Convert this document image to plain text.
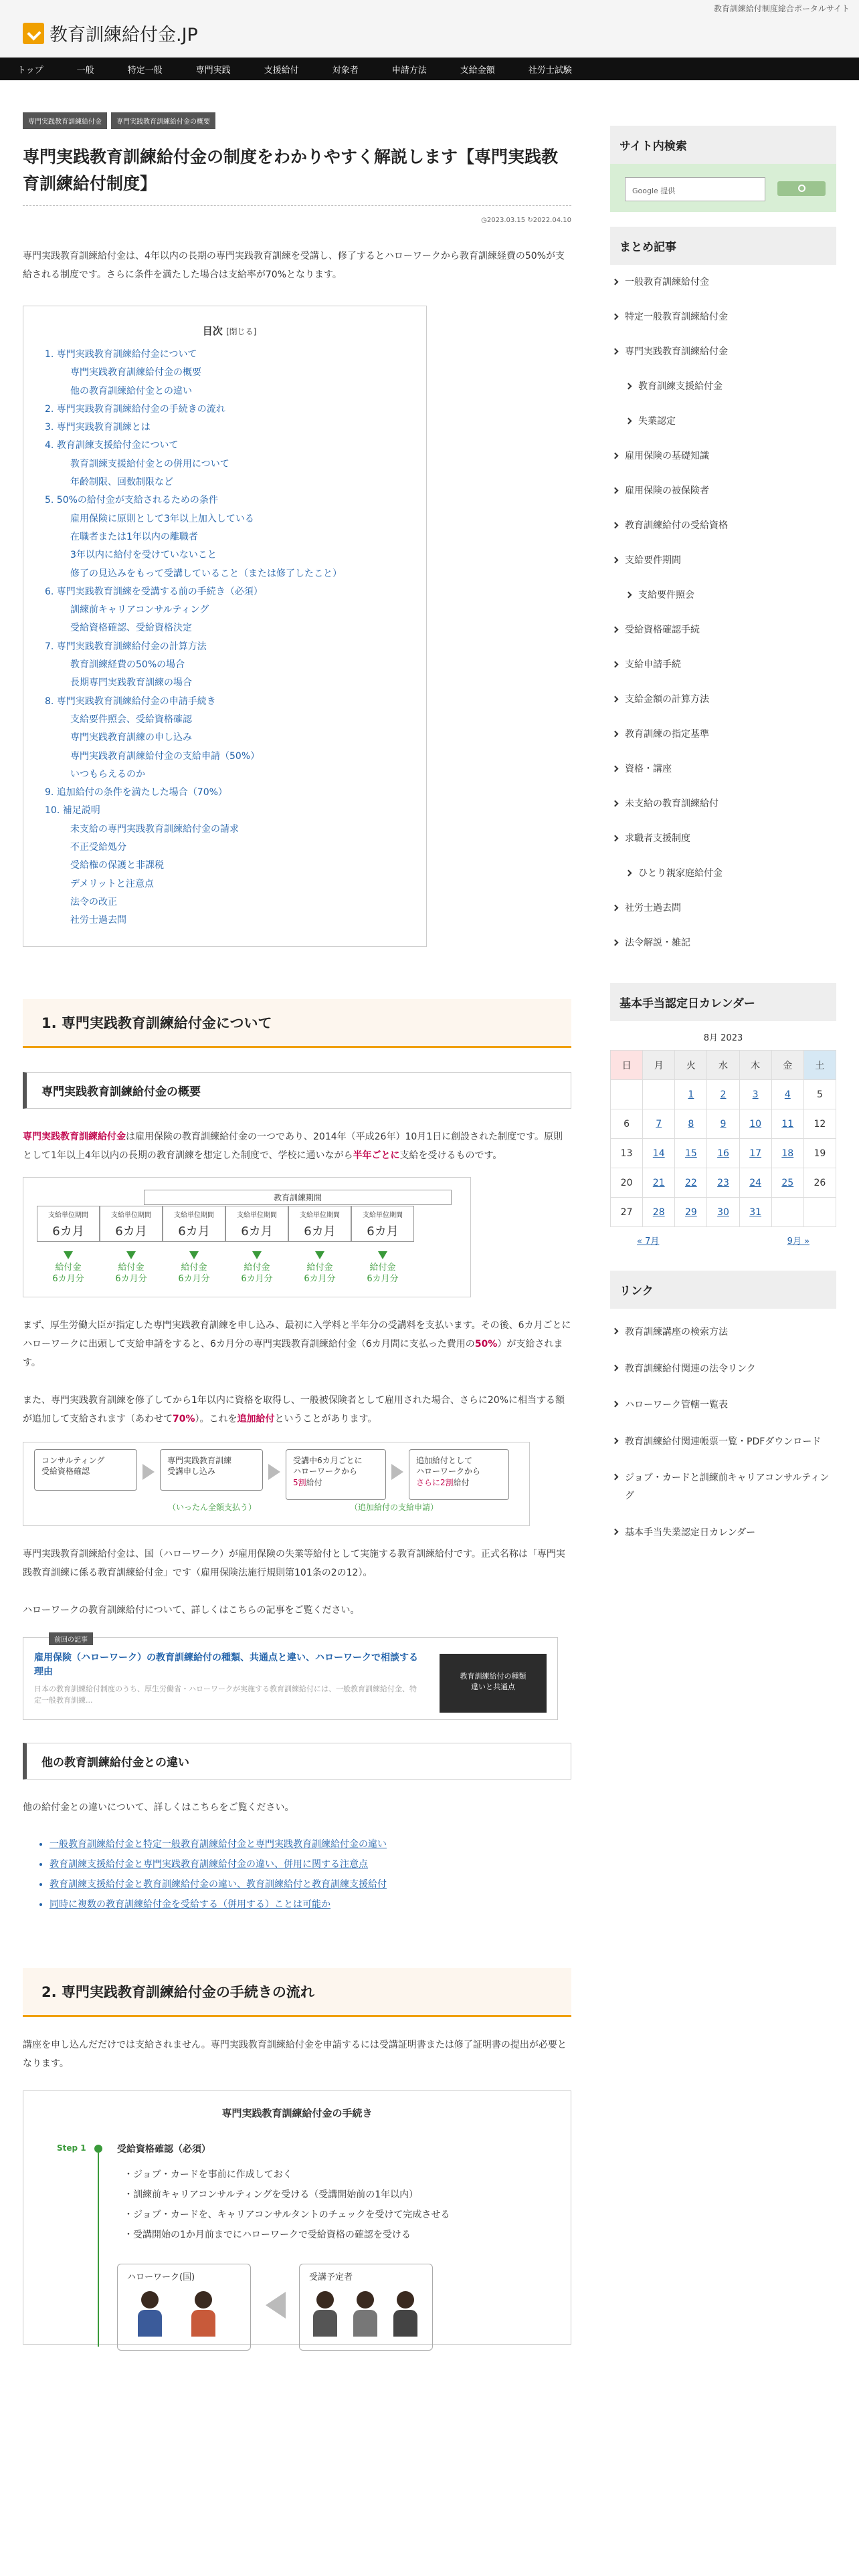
教育訓練給付制度総合ポータルサイト
教育訓練給付金.JP
トップ	一般	特定一般	専門実践	支援給付	対象者	申請方法	支給金額	社労士試験
専門実践教育訓練給付金	専門実践教育訓練給付金の概要
専門実践教育訓練給付金の制度をわかりやすく解説します【専門実践教育訓練給付制度】
◷2023.03.15 ↻2022.04.10

専門実践教育訓練給付金は、4年以内の長期の専門実践教育訓練を受講し、修了するとハローワークから教育訓練経費の50%が支給される制度です。さらに条件を満たした場合は支給率が70%となります。

目次 [閉じる]
1. 専門実践教育訓練給付金について
専門実践教育訓練給付金の概要
他の教育訓練給付金との違い
2. 専門実践教育訓練給付金の手続きの流れ
3. 専門実践教育訓練とは
4. 教育訓練支援給付金について
教育訓練支援給付金との併用について
年齢制限、回数制限など
5. 50%の給付金が支給されるための条件
雇用保険に原則として3年以上加入している
在職者または1年以内の離職者
3年以内に給付を受けていないこと
修了の見込みをもって受講していること（または修了したこと）
6. 専門実践教育訓練を受講する前の手続き（必須）
訓練前キャリアコンサルティング
受給資格確認、受給資格決定
7. 専門実践教育訓練給付金の計算方法
教育訓練経費の50%の場合
長期専門実践教育訓練の場合
8. 専門実践教育訓練給付金の申請手続き
支給要件照会、受給資格確認
専門実践教育訓練の申し込み
専門実践教育訓練給付金の支給申請（50%）
いつもらえるのか
9. 追加給付の条件を満たした場合（70%）
10. 補足説明
未支給の専門実践教育訓練給付金の請求
不正受給処分
受給権の保護と非課税
デメリットと注意点
法令の改正
社労士過去問
1. 専門実践教育訓練給付金について
専門実践教育訓練給付金の概要

専門実践教育訓練給付金は雇用保険の教育訓練給付金の一つであり、2014年（平成26年）10月1日に創設された制度です。原則として1年以上4年以内の長期の教育訓練を想定した制度で、学校に通いながら半年ごとに支給を受けるものです。

教育訓練期間
支給単位期間
6カ月
支給単位期間
6カ月
支給単位期間
6カ月
支給単位期間
6カ月
支給単位期間
6カ月
支給単位期間
6カ月
給付金
6カ月分
給付金
6カ月分
給付金
6カ月分
給付金
6カ月分
給付金
6カ月分
給付金
6カ月分

まず、厚生労働大臣が指定した専門実践教育訓練を申し込み、最初に入学料と半年分の受講料を支払います。その後、6カ月ごとにハローワークに出頭して支給申請をすると、6カ月分の専門実践教育訓練給付金（6カ月間に支払った費用の50%）が支給されます。

また、専門実践教育訓練を修了してから1年以内に資格を取得し、一般被保険者として雇用された場合、さらに20%に相当する額が追加して支給されます（あわせて70%）。これを追加給付ということがあります。

コンサルティング
受給資格確認
専門実践教育訓練
受講申し込み
受講中6カ月ごとに
ハローワークから
5割給付
追加給付として
ハローワークから
さらに2割給付
（いったん全額支払う）	（追加給付の支給申請）

専門実践教育訓練給付金は、国（ハローワーク）が雇用保険の失業等給付として実施する教育訓練給付です。正式名称は「専門実践教育訓練に係る教育訓練給付金」です（雇用保険法施行規則第101条の2の12）。

ハローワークの教育訓練給付について、詳しくはこちらの記事をご覧ください。

前回の記事
雇用保険（ハローワーク）の教育訓練給付の種類、共通点と違い、ハローワークで相談する理由
日本の教育訓練給付制度のうち、厚生労働省・ハローワークが実施する教育訓練給付には、一般教育訓練給付金、特定一般教育訓練...
教育訓練給付の種類
違いと共通点
他の教育訓練給付金との違い

他の給付金との違いについて、詳しくはこちらをご覧ください。

• 一般教育訓練給付金と特定一般教育訓練給付金と専門実践教育訓練給付金の違い
• 教育訓練支援給付金と専門実践教育訓練給付金の違い、併用に関する注意点
• 教育訓練支援給付金と教育訓練給付金の違い、教育訓練給付と教育訓練支援給付
• 同時に複数の教育訓練給付金を受給する（併用する）ことは可能か
2. 専門実践教育訓練給付金の手続きの流れ

講座を申し込んだだけでは支給されません。専門実践教育訓練給付金を申請するには受講証明書または修了証明書の提出が必要となります。

専門実践教育訓練給付金の手続き
Step 1	受給資格確認（必須）
・ジョブ・カードを事前に作成しておく
・訓練前キャリアコンサルティングを受ける（受講開始前の1年以内）
・ジョブ・カードを、キャリアコンサルタントのチェックを受けて完成させる
・受講開始の1か月前までにハローワークで受給資格の確認を受ける
ハローワーク(国)	受講予定者
サイト内検索
Google 提供
まとめ記事
一般教育訓練給付金
特定一般教育訓練給付金
専門実践教育訓練給付金
教育訓練支援給付金
失業認定
雇用保険の基礎知識
雇用保険の被保険者
教育訓練給付の受給資格
支給要件期間
支給要件照会
受給資格確認手続
支給申請手続
支給金額の計算方法
教育訓練の指定基準
資格・講座
未支給の教育訓練給付
求職者支援制度
ひとり親家庭給付金
社労士過去問
法令解説・雑記
基本手当認定日カレンダー
8月 2023
日	月	火	水	木	金	土
		1	2	3	4	5
6	7	8	9	10	11	12
13	14	15	16	17	18	19
20	21	22	23	24	25	26
27	28	29	30	31		
« 7月	9月 »
リンク
教育訓練講座の検索方法
教育訓練給付関連の法令リンク
ハローワーク管轄一覧表
教育訓練給付関連帳票一覧・PDFダウンロード
ジョブ・カードと訓練前キャリアコンサルティング
基本手当失業認定日カレンダー
